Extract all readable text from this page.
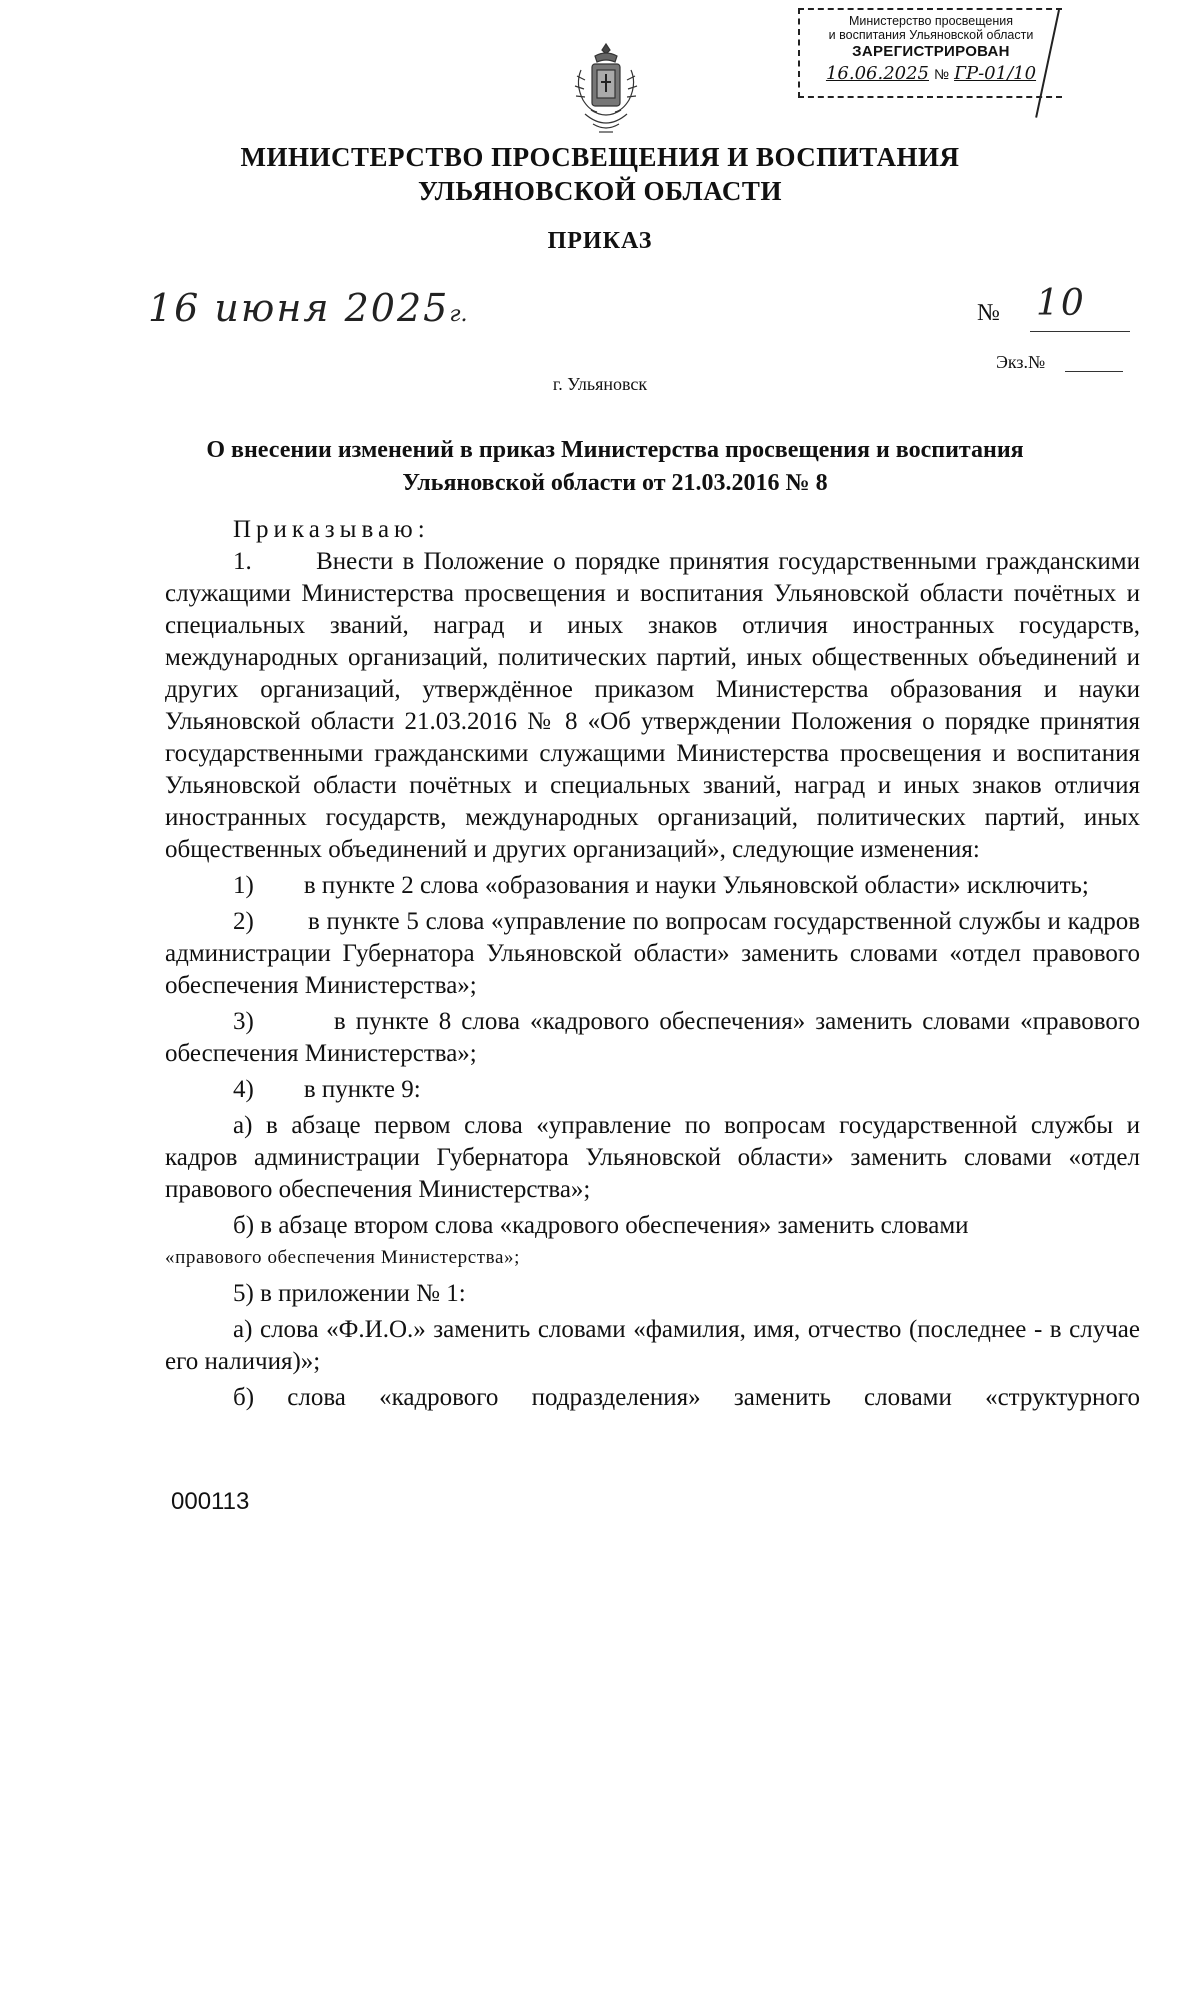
Министерство просвещения
и воспитания Ульяновской области
ЗАРЕГИСТРИРОВАН
16.06.2025 № ГР-01/10
МИНИСТЕРСТВО ПРОСВЕЩЕНИЯ И ВОСПИТАНИЯ
УЛЬЯНОВСКОЙ ОБЛАСТИ
ПРИКАЗ
16 июня 2025г.	№ 10
Экз.№
г. Ульяновск
О внесении изменений в приказ Министерства просвещения и воспитания
Ульяновской области от 21.03.2016 № 8

Приказываю:

1.	Внести в Положение о порядке принятия государственными гражданскими служащими Министерства просвещения и воспитания Ульяновской области почётных и специальных званий, наград и иных знаков отличия иностранных государств, международных организаций, политических партий, иных общественных объединений и других организаций, утверждённое приказом Министерства образования и науки Ульяновской области 21.03.2016 № 8 «Об утверждении Положения о порядке принятия государственными гражданскими служащими Министерства просвещения и воспитания Ульяновской области почётных и специальных званий, наград и иных знаков отличия иностранных государств, международных организаций, политических партий, иных общественных объединений и других организаций», следующие изменения:

1) в пункте 2 слова «образования и науки Ульяновской области» исключить;

2) в пункте 5 слова «управление по вопросам государственной службы и кадров администрации Губернатора Ульяновской области» заменить словами «отдел правового обеспечения Министерства»;

3)	в пункте 8 слова «кадрового обеспечения» заменить словами «правового обеспечения Министерства»;

4) в пункте 9:

а) в абзаце первом слова «управление по вопросам государственной службы и кадров администрации Губернатора Ульяновской области» заменить словами «отдел правового обеспечения Министерства»;

б) в абзаце втором слова «кадрового обеспечения» заменить словами

«правового обеспечения Министерства»;

5) в приложении № 1:

а) слова «Ф.И.О.» заменить словами «фамилия, имя, отчество (последнее - в случае его наличия)»;

б) слова «кадрового подразделения» заменить словами «структурного

000113
